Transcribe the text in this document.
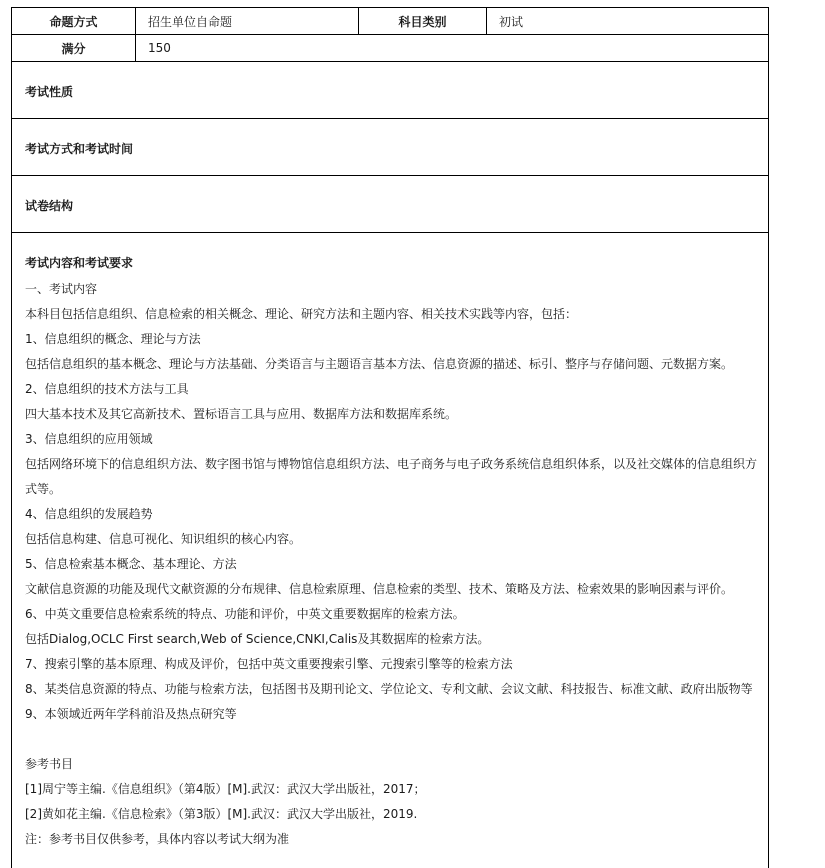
命题方式	招生单位自命题	科目类别	初试
满分	150
考试性质
考试方式和考试时间
试卷结构
考试内容和考试要求
一、考试内容
本科目包括信息组织、信息检索的相关概念、理论、研究方法和主题内容、相关技术实践等内容，包括：
1、信息组织的概念、理论与方法
包括信息组织的基本概念、理论与方法基础、分类语言与主题语言基本方法、信息资源的描述、标引、整序与存储问题、元数据方案。
2、信息组织的技术方法与工具
四大基本技术及其它高新技术、置标语言工具与应用、数据库方法和数据库系统。
3、信息组织的应用领域
包括网络环境下的信息组织方法、数字图书馆与博物馆信息组织方法、电子商务与电子政务系统信息组织体系，以及社交媒体的信息组织方式等。
4、信息组织的发展趋势
包括信息构建、信息可视化、知识组织的核心内容。
5、信息检索基本概念、基本理论、方法
文献信息资源的功能及现代文献资源的分布规律、信息检索原理、信息检索的类型、技术、策略及方法、检索效果的影响因素与评价。
6、中英文重要信息检索系统的特点、功能和评价，中英文重要数据库的检索方法。
包括Dialog,OCLC First search,Web of Science,CNKI,Calis及其数据库的检索方法。
7、搜索引擎的基本原理、构成及评价，包括中英文重要搜索引擎、元搜索引擎等的检索方法
8、某类信息资源的特点、功能与检索方法，包括图书及期刊论文、学位论文、专利文献、会议文献、科技报告、标准文献、政府出版物等
9、本领域近两年学科前沿及热点研究等
参考书目
[1]周宁等主编.《信息组织》（第4版）[M].武汉：武汉大学出版社，2017；
[2]黄如花主编.《信息检索》（第3版）[M].武汉：武汉大学出版社，2019.
注：参考书目仅供参考，具体内容以考试大纲为准
